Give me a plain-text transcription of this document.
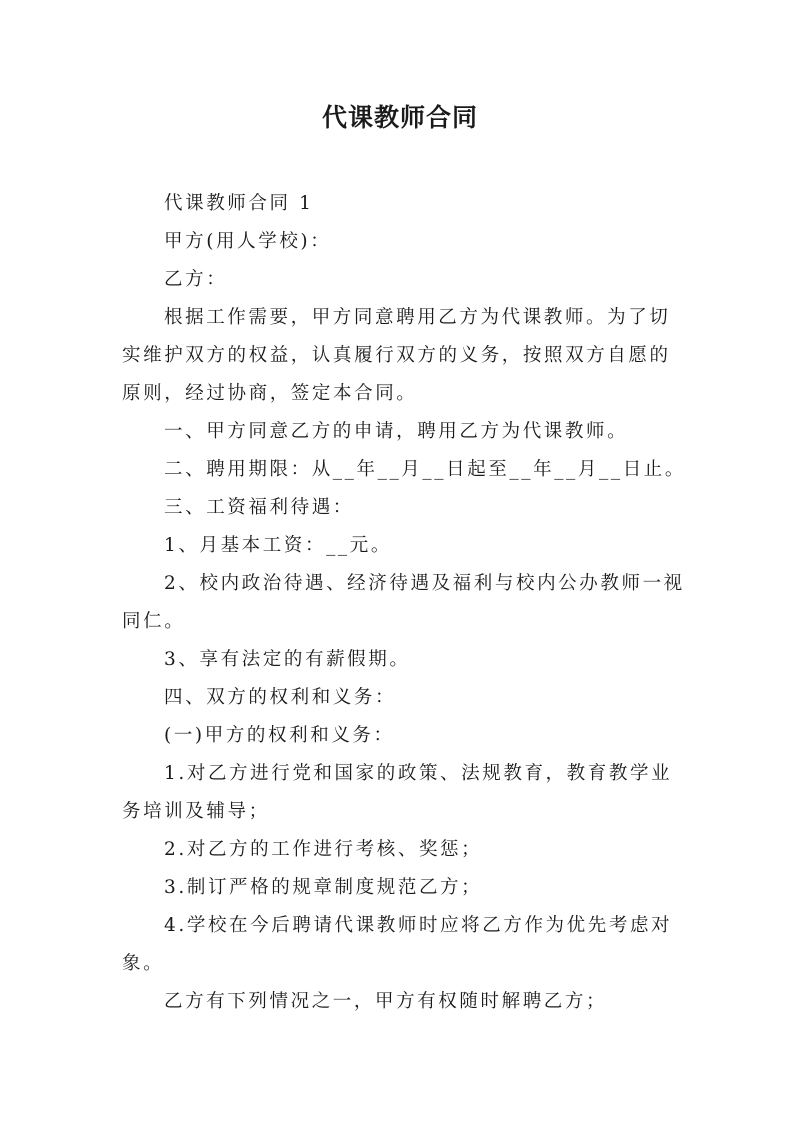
代课教师合同

代课教师合同 1

甲方(用人学校)：

乙方：

根据工作需要，甲方同意聘用乙方为代课教师。为了切实维护双方的权益，认真履行双方的义务，按照双方自愿的原则，经过协商，签定本合同。

一、甲方同意乙方的申请，聘用乙方为代课教师。

二、聘用期限：从__年__月__日起至__年__月__日止。

三、工资福利待遇：

1、月基本工资：__元。

2、校内政治待遇、经济待遇及福利与校内公办教师一视同仁。

3、享有法定的有薪假期。

四、双方的权利和义务：

(一)甲方的权利和义务：

1.对乙方进行党和国家的政策、法规教育，教育教学业务培训及辅导；

2.对乙方的工作进行考核、奖惩；

3.制订严格的规章制度规范乙方；

4.学校在今后聘请代课教师时应将乙方作为优先考虑对象。

乙方有下列情况之一，甲方有权随时解聘乙方；
